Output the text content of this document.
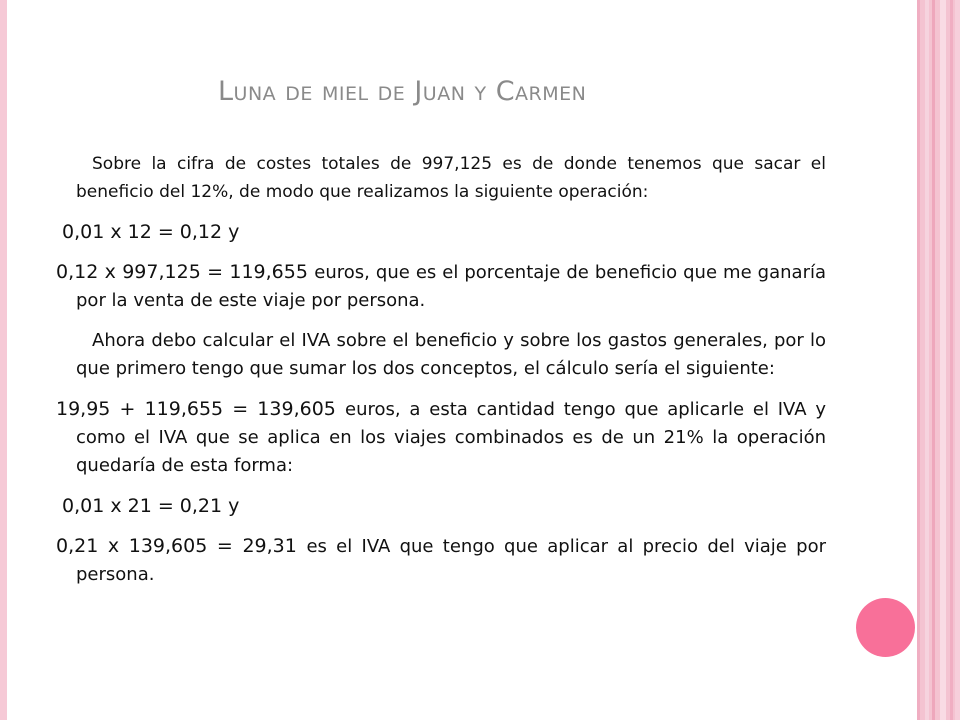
Luna de miel de Juan y Carmen

Sobre la cifra de costes totales de 997,125 es de donde tenemos que sacar el beneficio del 12%, de modo que realizamos la siguiente operación:

0,01 x 12 = 0,12 y

0,12 x 997,125 = 119,655 euros, que es el porcentaje de beneficio que me ganaría por la venta de este viaje por persona.

Ahora debo calcular el IVA sobre el beneficio y sobre los gastos generales, por lo que primero tengo que sumar los dos conceptos, el cálculo sería el siguiente:

19,95 + 119,655 = 139,605 euros, a esta cantidad tengo que aplicarle el IVA y como el IVA que se aplica en los viajes combinados es de un 21% la operación quedaría de esta forma:

0,01 x 21 = 0,21 y

0,21 x 139,605 = 29,31 es el IVA que tengo que aplicar al precio del viaje por persona.
